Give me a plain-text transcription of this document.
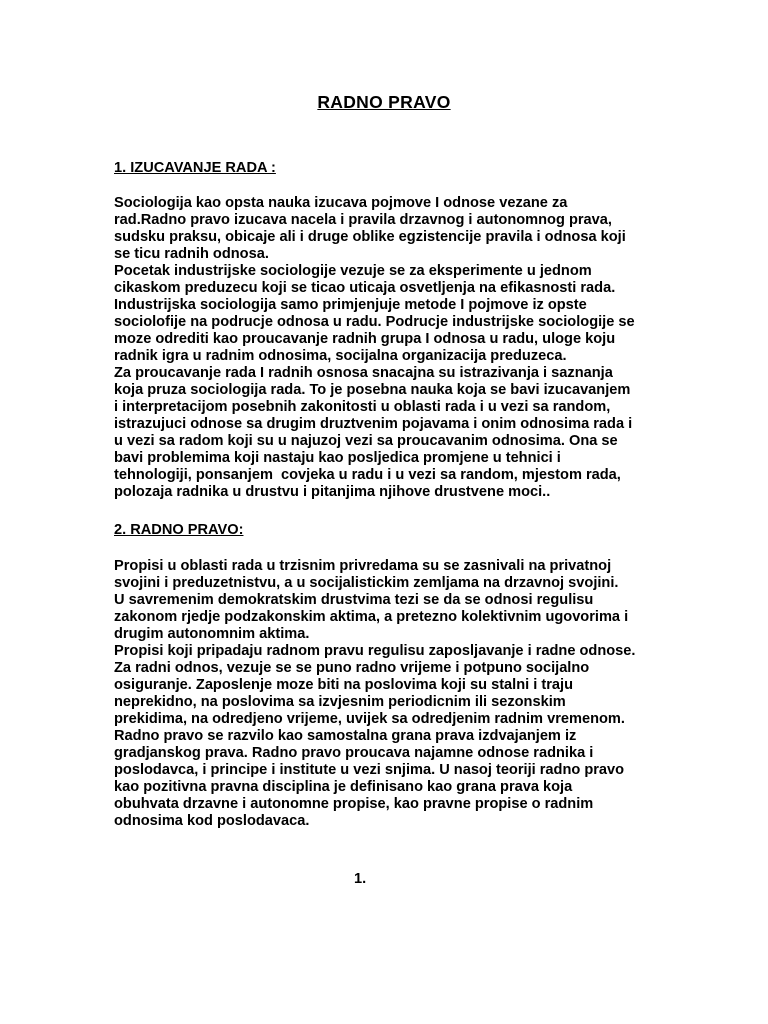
RADNO PRAVO
1. IZUCAVANJE RADA :
Sociologija kao opsta nauka izucava pojmove I odnose vezane za
rad.Radno pravo izucava nacela i pravila drzavnog i autonomnog prava,
sudsku praksu, obicaje ali i druge oblike egzistencije pravila i odnosa koji
se ticu radnih odnosa.
Pocetak industrijske sociologije vezuje se za eksperimente u jednom
cikaskom preduzecu koji se ticao uticaja osvetljenja na efikasnosti rada.
Industrijska sociologija samo primjenjuje metode I pojmove iz opste
sociolofije na podrucje odnosa u radu. Podrucje industrijske sociologije se
moze odrediti kao proucavanje radnih grupa I odnosa u radu, uloge koju
radnik igra u radnim odnosima, socijalna organizacija preduzeca.
Za proucavanje rada I radnih osnosa snacajna su istrazivanja i saznanja
koja pruza sociologija rada. To je posebna nauka koja se bavi izucavanjem
i interpretacijom posebnih zakonitosti u oblasti rada i u vezi sa random,
istrazujuci odnose sa drugim druztvenim pojavama i onim odnosima rada i
u vezi sa radom koji su u najuzoj vezi sa proucavanim odnosima. Ona se
bavi problemima koji nastaju kao posljedica promjene u tehnici i
tehnologiji, ponsanjem  covjeka u radu i u vezi sa random, mjestom rada,
polozaja radnika u drustvu i pitanjima njihove drustvene moci..
2. RADNO PRAVO:
Propisi u oblasti rada u trzisnim privredama su se zasnivali na privatnoj
svojini i preduzetnistvu, a u socijalistickim zemljama na drzavnoj svojini.
U savremenim demokratskim drustvima tezi se da se odnosi regulisu
zakonom rjedje podzakonskim aktima, a pretezno kolektivnim ugovorima i
drugim autonomnim aktima.
Propisi koji pripadaju radnom pravu regulisu zaposljavanje i radne odnose.
Za radni odnos, vezuje se se puno radno vrijeme i potpuno socijalno
osiguranje. Zaposlenje moze biti na poslovima koji su stalni i traju
neprekidno, na poslovima sa izvjesnim periodicnim ili sezonskim
prekidima, na odredjeno vrijeme, uvijek sa odredjenim radnim vremenom.
Radno pravo se razvilo kao samostalna grana prava izdvajanjem iz
gradjanskog prava. Radno pravo proucava najamne odnose radnika i
poslodavca, i principe i institute u vezi snjima. U nasoj teoriji radno pravo
kao pozitivna pravna disciplina je definisano kao grana prava koja
obuhvata drzavne i autonomne propise, kao pravne propise o radnim
odnosima kod poslodavaca.
1.
